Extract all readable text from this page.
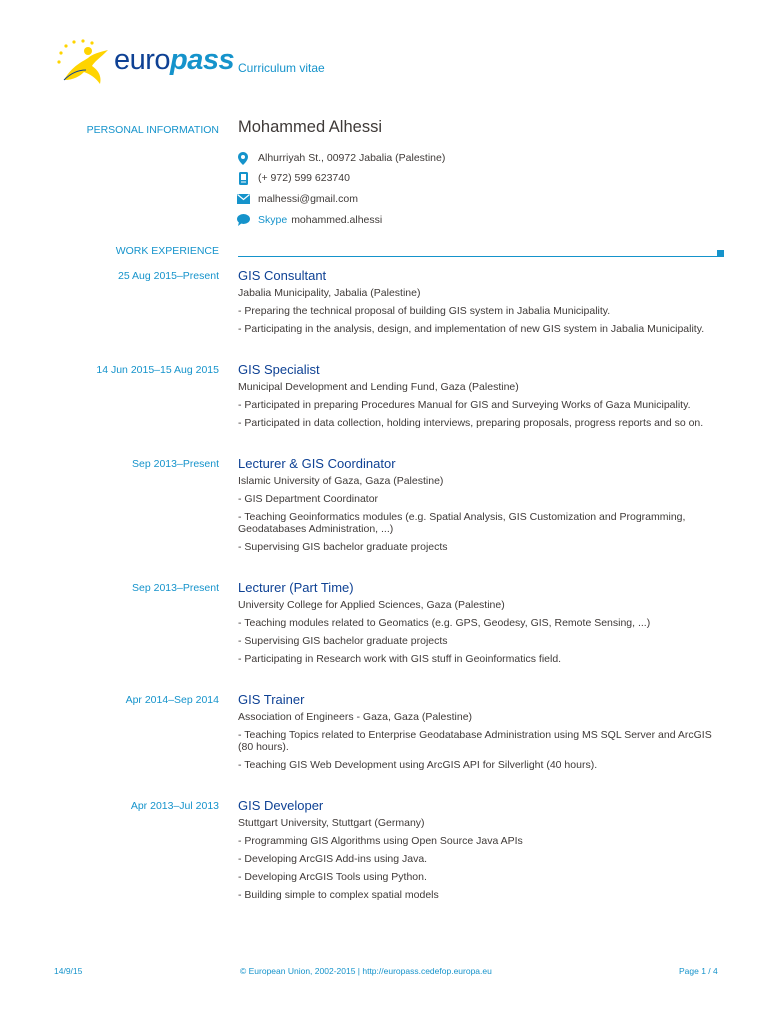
europass Curriculum vitae
PERSONAL INFORMATION Mohammed Alhessi
Alhurriyah St., 00972 Jabalia (Palestine)
(+ 972) 599 623740
malhessi@gmail.com
Skype mohammed.alhessi
WORK EXPERIENCE
25 Aug 2015–Present GIS Consultant
Jabalia Municipality, Jabalia (Palestine)
- Preparing the technical proposal of building GIS system in Jabalia Municipality.
- Participating in the analysis, design, and implementation of new GIS system in Jabalia Municipality.
14 Jun 2015–15 Aug 2015 GIS Specialist
Municipal Development and Lending Fund, Gaza (Palestine)
- Participated in preparing Procedures Manual for GIS and Surveying Works of Gaza Municipality.
- Participated in data collection, holding interviews, preparing proposals, progress reports and so on.
Sep 2013–Present Lecturer & GIS Coordinator
Islamic University of Gaza, Gaza (Palestine)
- GIS Department Coordinator
- Teaching Geoinformatics modules (e.g. Spatial Analysis, GIS Customization and Programming, Geodatabases Administration, ...)
- Supervising GIS bachelor graduate projects
Sep 2013–Present Lecturer (Part Time)
University College for Applied Sciences, Gaza (Palestine)
- Teaching modules related to Geomatics (e.g. GPS, Geodesy, GIS, Remote Sensing, ...)
- Supervising GIS bachelor graduate projects
- Participating in Research work with GIS stuff in Geoinformatics field.
Apr 2014–Sep 2014 GIS Trainer
Association of Engineers - Gaza, Gaza (Palestine)
- Teaching Topics related to Enterprise Geodatabase Administration using MS SQL Server and ArcGIS (80 hours).
- Teaching GIS Web Development using ArcGIS API for Silverlight (40 hours).
Apr 2013–Jul 2013 GIS Developer
Stuttgart University, Stuttgart (Germany)
- Programming GIS Algorithms using Open Source Java APIs
- Developing ArcGIS Add-ins using Java.
- Developing ArcGIS Tools using Python.
- Building simple to complex spatial models
14/9/15	© European Union, 2002-2015 | http://europass.cedefop.europa.eu	Page 1 / 4
